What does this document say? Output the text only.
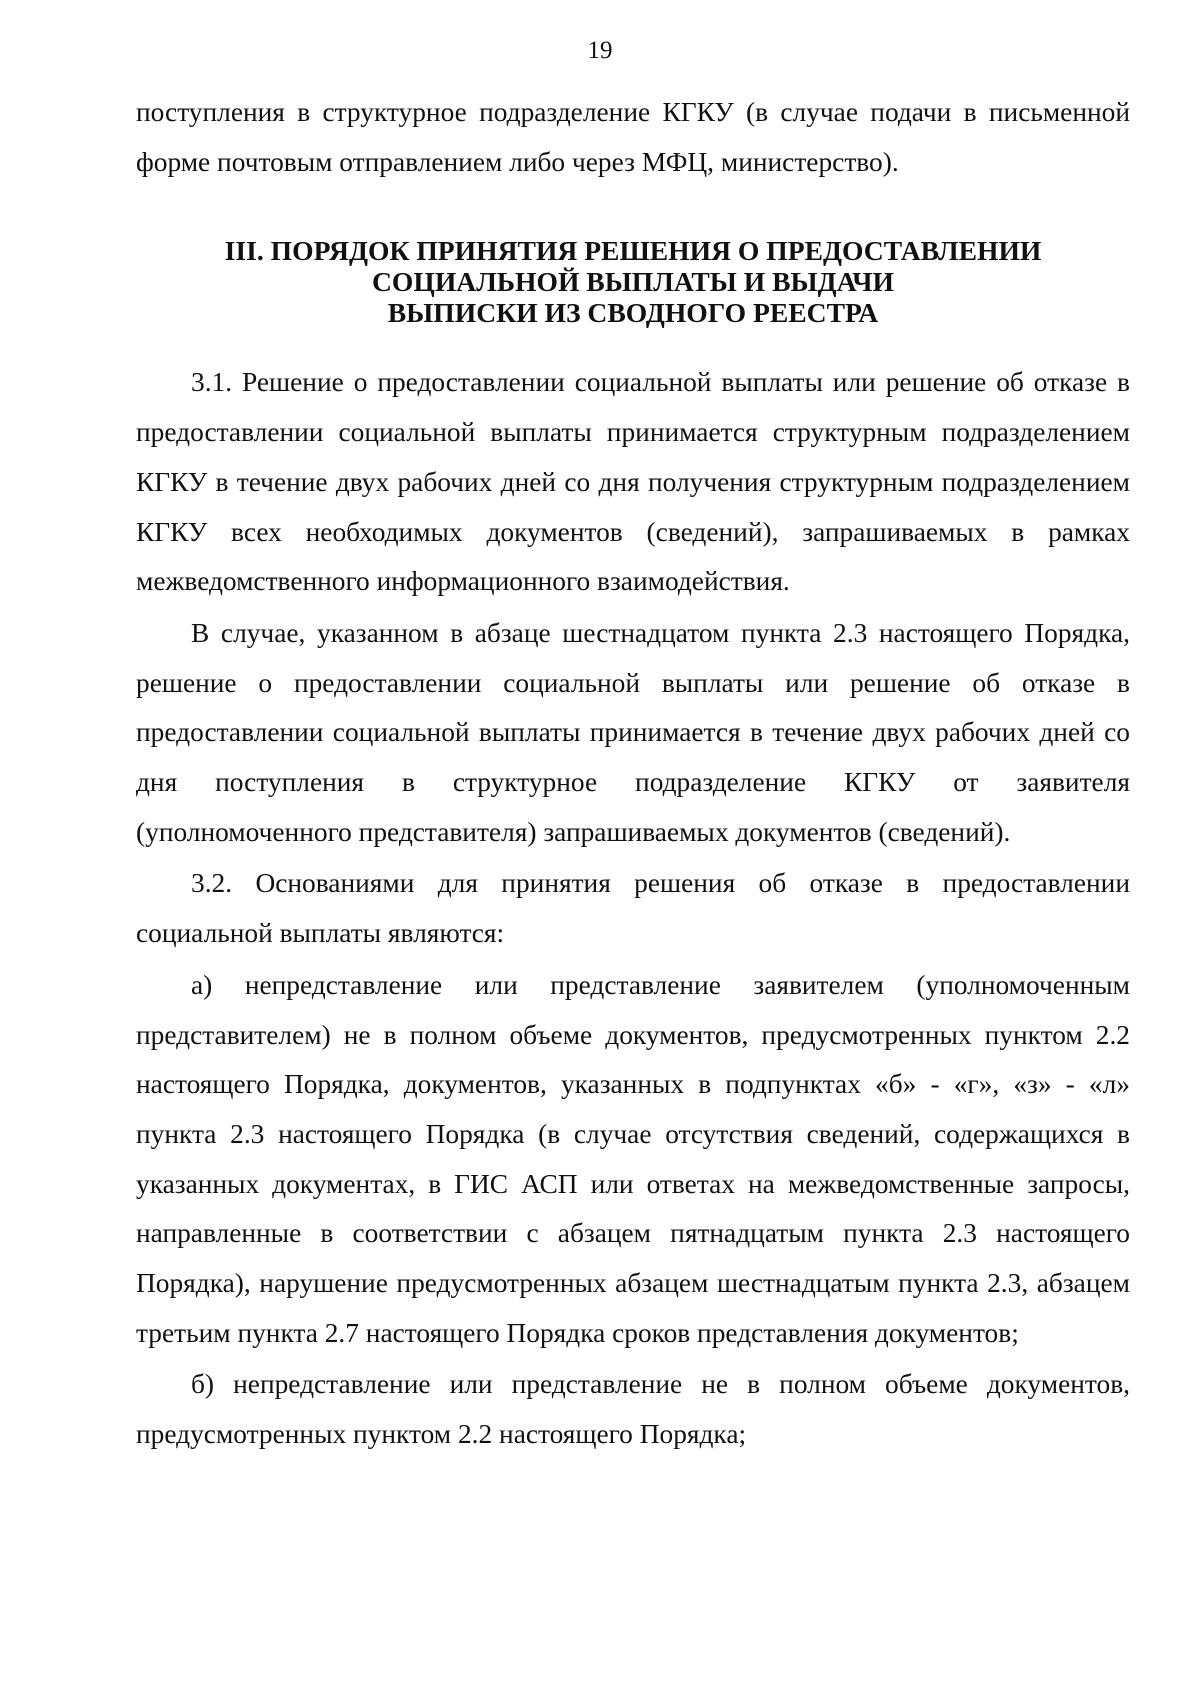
19

поступления в структурное подразделение КГКУ (в случае подачи в письменной форме почтовым отправлением либо через МФЦ, министерство).

III. ПОРЯДОК ПРИНЯТИЯ РЕШЕНИЯ О ПРЕДОСТАВЛЕНИИ
СОЦИАЛЬНОЙ ВЫПЛАТЫ И ВЫДАЧИ
ВЫПИСКИ ИЗ СВОДНОГО РЕЕСТРА

3.1. Решение о предоставлении социальной выплаты или решение об отказе в предоставлении социальной выплаты принимается структурным подразделением КГКУ в течение двух рабочих дней со дня получения структурным подразделением КГКУ всех необходимых документов (сведений), запрашиваемых в рамках межведомственного информационного взаимодействия.

В случае, указанном в абзаце шестнадцатом пункта 2.3 настоящего Порядка, решение о предоставлении социальной выплаты или решение об отказе в предоставлении социальной выплаты принимается в течение двух рабочих дней со дня поступления в структурное подразделение КГКУ от заявителя (уполномоченного представителя) запрашиваемых документов (сведений).

3.2. Основаниями для принятия решения об отказе в предоставлении социальной выплаты являются:

а) непредставление или представление заявителем (уполномоченным представителем) не в полном объеме документов, предусмотренных пунктом 2.2 настоящего Порядка, документов, указанных в подпунктах «б» - «г», «з» - «л» пункта 2.3 настоящего Порядка (в случае отсутствия сведений, содержащихся в указанных документах, в ГИС АСП или ответах на межведомственные запросы, направленные в соответствии с абзацем пятнадцатым пункта 2.3 настоящего Порядка), нарушение предусмотренных абзацем шестнадцатым пункта 2.3, абзацем третьим пункта 2.7 настоящего Порядка сроков представления документов;

б) непредставление или представление не в полном объеме документов, предусмотренных пунктом 2.2 настоящего Порядка;
